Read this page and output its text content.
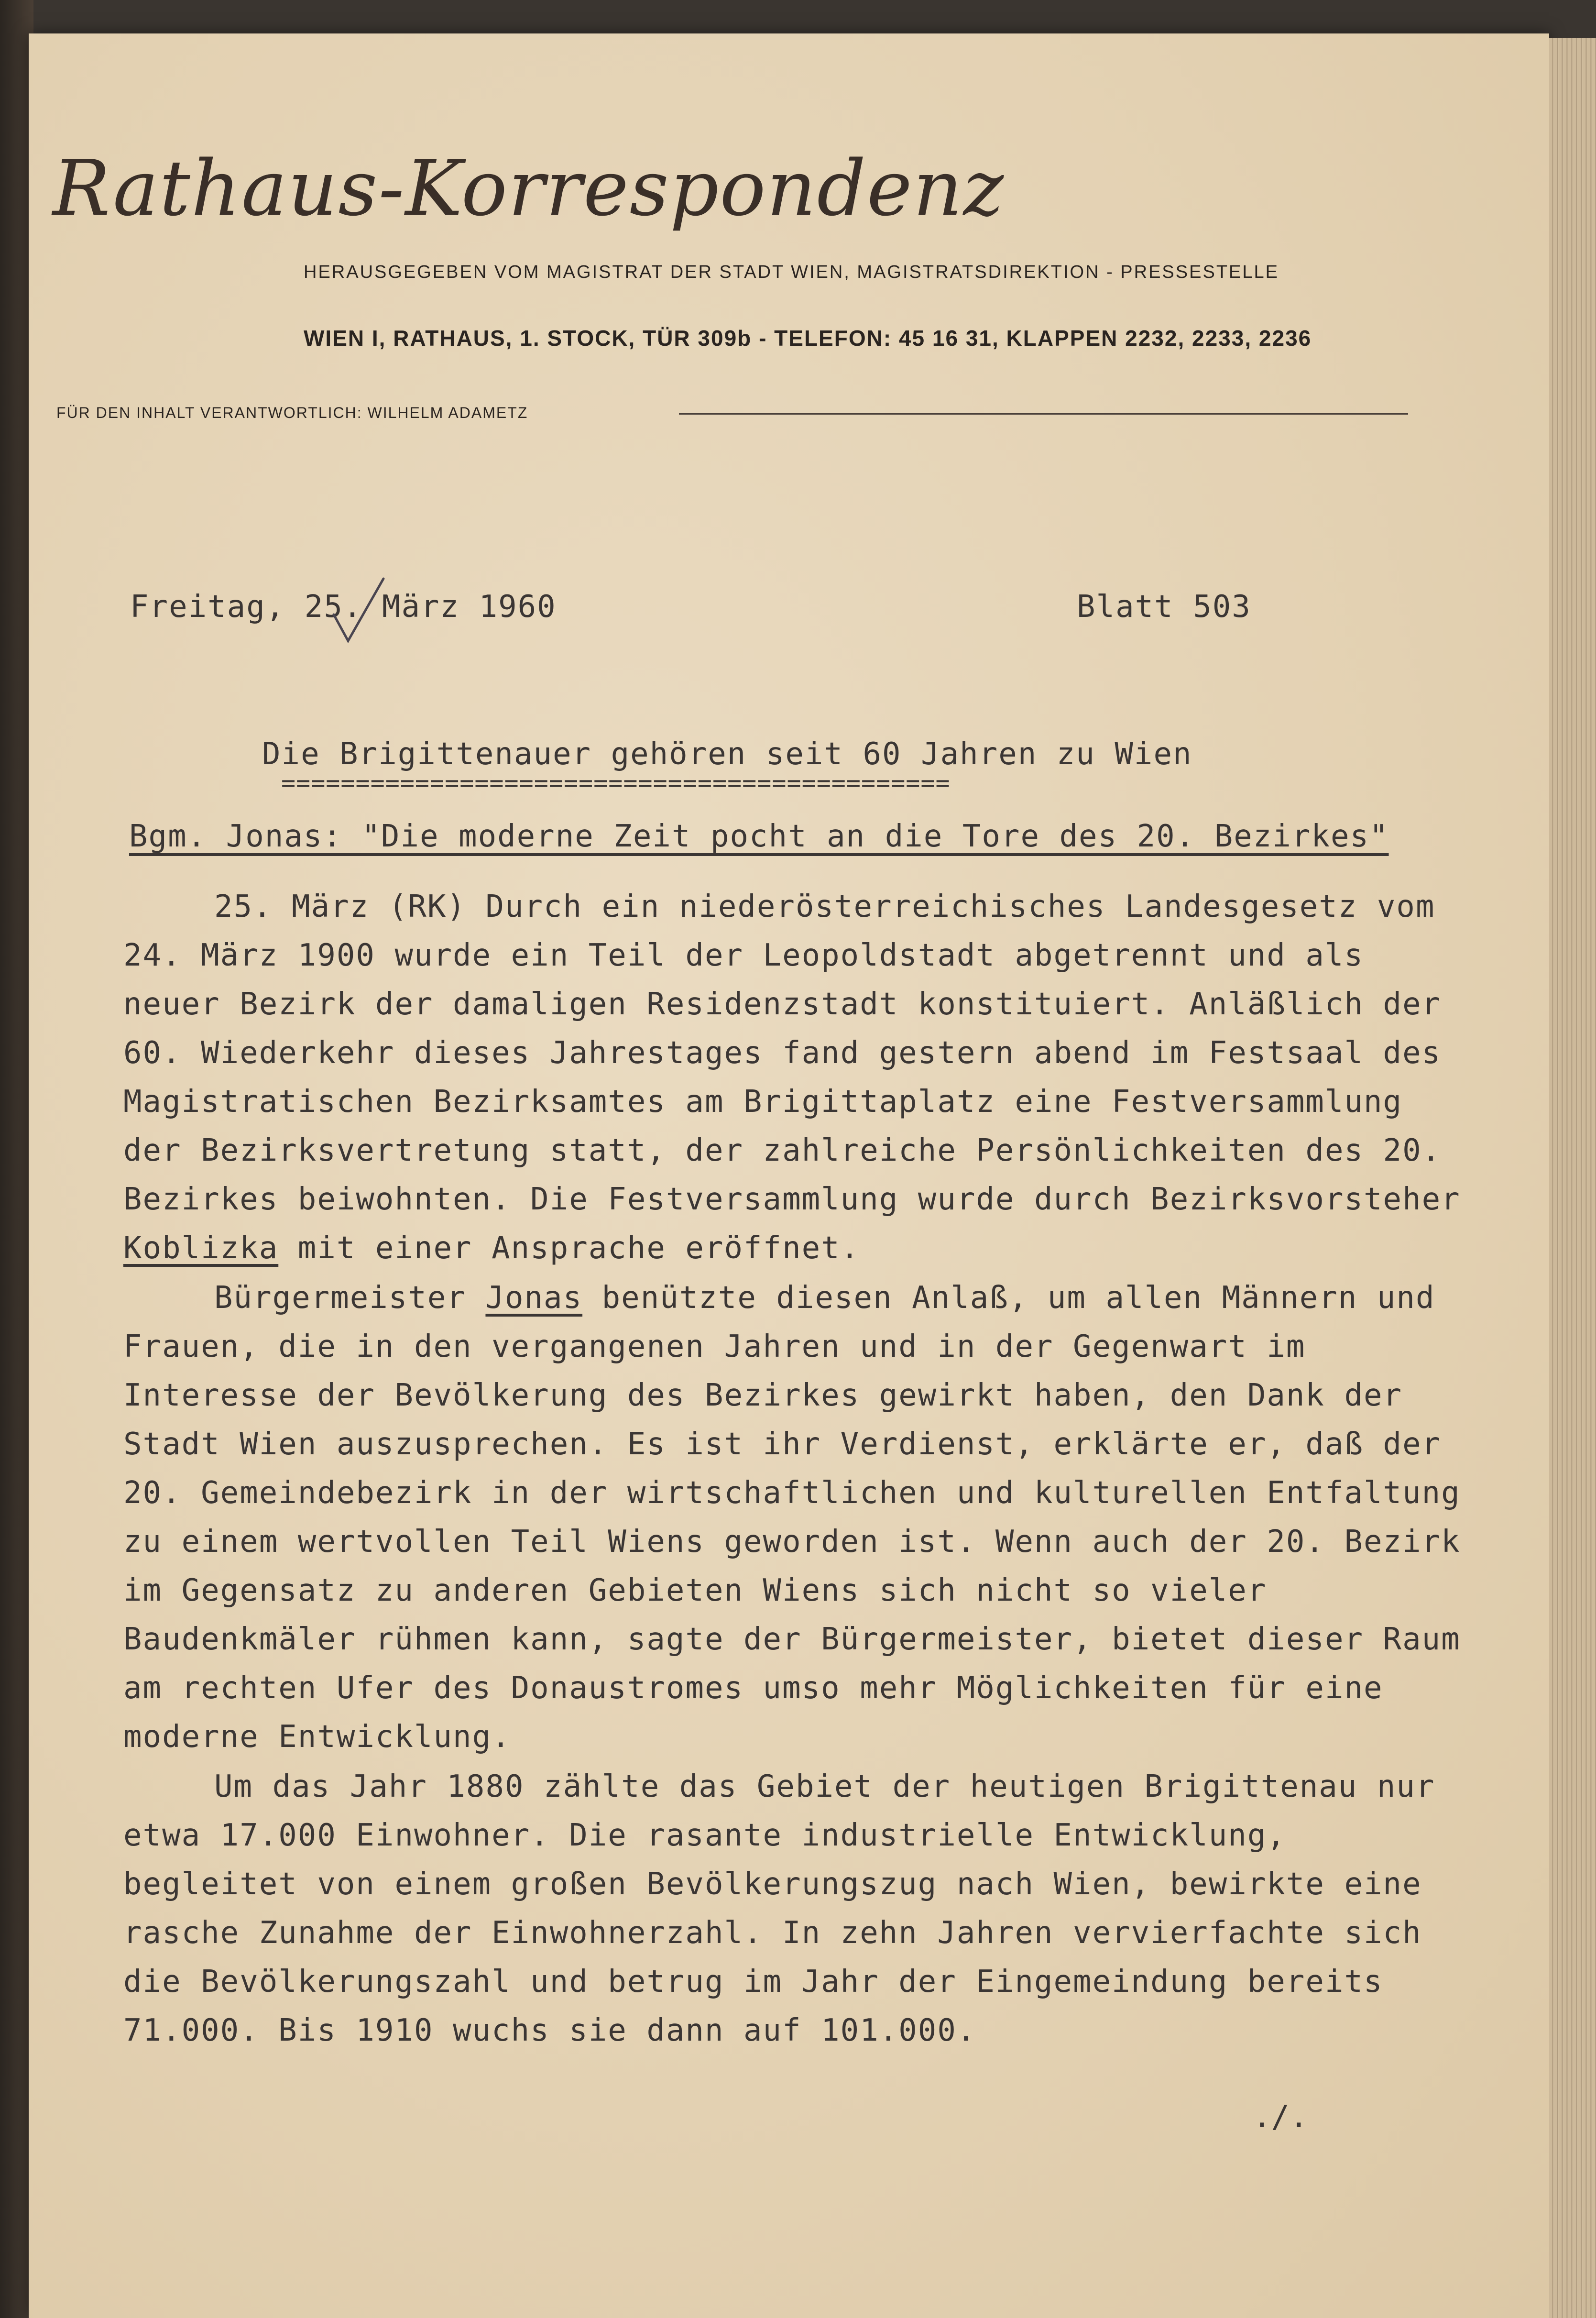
Rathaus-Korrespondenz
HERAUSGEGEBEN VOM MAGISTRAT DER STADT WIEN, MAGISTRATSDIREKTION - PRESSESTELLE
WIEN I, RATHAUS, 1. STOCK, TÜR 309b - TELEFON: 45 16 31, KLAPPEN 2232, 2233, 2236
FÜR DEN INHALT VERANTWORTLICH: WILHELM ADAMETZ
Freitag, 25. März 1960	Blatt 503
Die Brigittenauer gehören seit 60 Jahren zu Wien
=============================================
Bgm. Jonas: "Die moderne Zeit pocht an die Tore des 20. Bezirkes"

25. März (RK) Durch ein niederösterreichisches Landesgesetz vom 24. März 1900 wurde ein Teil der Leopoldstadt abgetrennt und als neuer Bezirk der damaligen Residenzstadt konstituiert. Anläßlich der 60. Wiederkehr dieses Jahrestages fand gestern abend im Festsaal des Magistratischen Bezirksamtes am Brigittaplatz eine Festversammlung der Bezirksvertretung statt, der zahlreiche Persönlichkeiten des 20. Bezirkes beiwohnten. Die Festversammlung wurde durch Bezirksvorsteher Koblizka mit einer Ansprache eröffnet.

Bürgermeister Jonas benützte diesen Anlaß, um allen Männern und Frauen, die in den vergangenen Jahren und in der Gegenwart im Interesse der Bevölkerung des Bezirkes gewirkt haben, den Dank der Stadt Wien auszusprechen. Es ist ihr Verdienst, erklärte er, daß der 20. Gemeindebezirk in der wirtschaftlichen und kulturellen Entfaltung zu einem wertvollen Teil Wiens geworden ist. Wenn auch der 20. Bezirk im Gegensatz zu anderen Gebieten Wiens sich nicht so vieler Baudenkmäler rühmen kann, sagte der Bürgermeister, bietet dieser Raum am rechten Ufer des Donaustromes umso mehr Möglichkeiten für eine moderne Entwicklung.

Um das Jahr 1880 zählte das Gebiet der heutigen Brigittenau nur etwa 17.000 Einwohner. Die rasante industrielle Entwicklung, begleitet von einem großen Bevölkerungszug nach Wien, bewirkte eine rasche Zunahme der Einwohnerzahl. In zehn Jahren vervierfachte sich die Bevölkerungszahl und betrug im Jahr der Eingemeindung bereits 71.000. Bis 1910 wuchs sie dann auf 101.000.

./.
